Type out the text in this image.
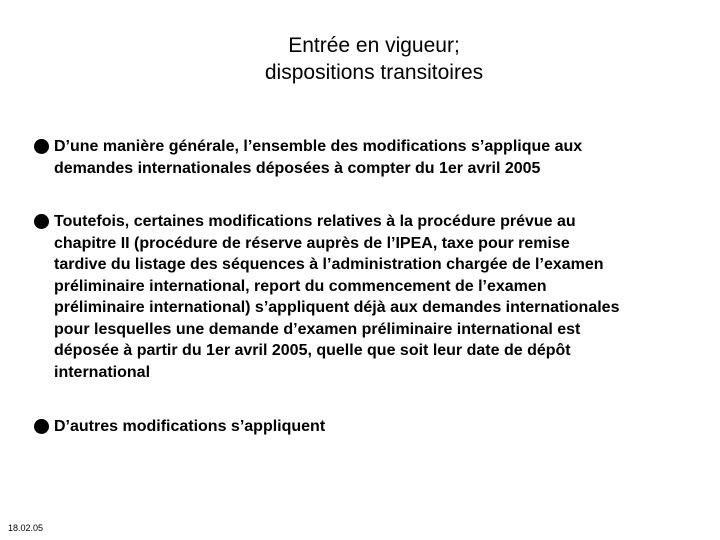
Entrée en vigueur;
dispositions transitoires
D’une manière générale, l’ensemble des modifications s’applique aux
demandes internationales déposées à compter du 1er avril 2005
Toutefois, certaines modifications relatives à la procédure prévue au
chapitre II (procédure de réserve auprès de l’IPEA, taxe pour remise
tardive du listage des séquences à l’administration chargée de l’examen
préliminaire international, report du commencement de l’examen
préliminaire international) s’appliquent déjà aux demandes internationales
pour lesquelles une demande d’examen préliminaire international est
déposée à partir du 1er avril 2005, quelle que soit leur date de dépôt
international
D’autres modifications s’appliquent
18.02.05
